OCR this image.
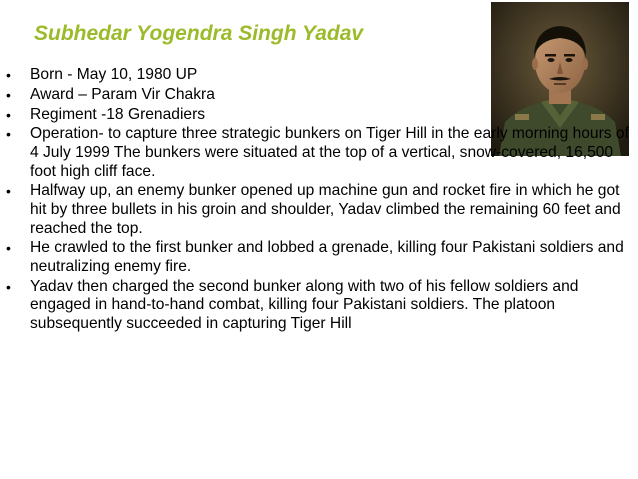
Subhedar Yogendra Singh Yadav
• Born - May 10, 1980 UP
• Award – Param Vir Chakra
• Regiment -18 Grenadiers
• Operation- to capture three strategic bunkers on Tiger Hill in the early morning hours of 4 July 1999 The bunkers were situated at the top of a vertical, snow-covered, 16,500 foot high cliff face.
• Halfway up, an enemy bunker opened up machine gun and rocket fire in which he got hit by three bullets in his groin and shoulder, Yadav climbed the remaining 60 feet and reached the top.
• He crawled to the first bunker and lobbed a grenade, killing four Pakistani soldiers and neutralizing enemy fire.
• Yadav then charged the second bunker along with two of his fellow soldiers and engaged in hand-to-hand combat, killing four Pakistani soldiers. The platoon subsequently succeeded in capturing Tiger Hill
